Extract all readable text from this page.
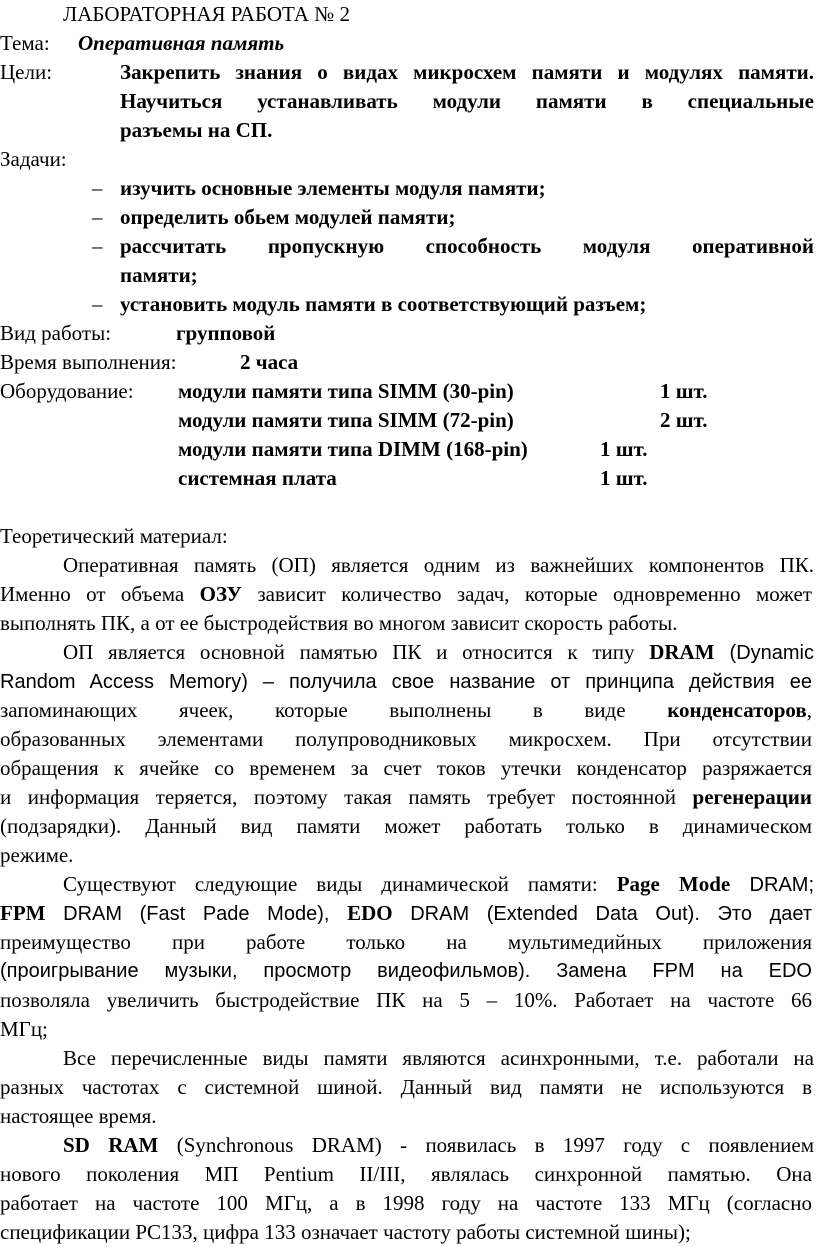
ЛАБОРАТОРНАЯ РАБОТА № 2
Тема:	Оперативная память
Цели:	Закрепить знания о видах микросхем памяти и модулях памяти.
Научиться устанавливать модули памяти в специальные
разъемы на СП.
Задачи:
– изучить основные элементы модуля памяти;
– определить обьем модулей памяти;
– рассчитать пропускную способность модуля оперативной
памяти;
– установить модуль памяти в соответствующий разъем;
Вид работы:	групповой
Время выполнения:	2 часа
Оборудование:	модули памяти типа SIMM (30-pin)	1 шт.
модули памяти типа SIMM (72-pin)	2 шт.
модули памяти типа DIMM (168-pin)	1 шт.
системная плата	1 шт.
Теоретический материал:
Оперативная память (ОП) является одним из важнейших компонентов ПК.
Именно от объема ОЗУ зависит количество задач, которые одновременно может
выполнять ПК, а от ее быстродействия во многом зависит скорость работы.
ОП является основной памятью ПК и относится к типу DRAM (Dynamic
Random Access Memory) – получила свое название от принципа действия ее
запоминающих ячеек, которые выполнены в виде конденсаторов,
образованных элементами полупроводниковых микросхем. При отсутствии
обращения к ячейке со временем за счет токов утечки конденсатор разряжается
и информация теряется, поэтому такая память требует постоянной регенерации
(подзарядки). Данный вид памяти может работать только в динамическом
режиме.
Существуют следующие виды динамической памяти: Page Mode DRAM;
FPM DRAM (Fast Pade Mode), EDO DRAM (Extended Data Out). Это дает
преимущество при работе только на мультимедийных приложения
(проигрывание музыки, просмотр видеофильмов). Замена FPM на EDO
позволяла увеличить быстродействие ПК на 5 – 10%. Работает на частоте 66
МГц;
Все перечисленные виды памяти являются асинхронными, т.е. работали на
разных частотах с системной шиной. Данный вид памяти не используются в
настоящее время.
SD RAM (Synchronous DRAM) - появилась в 1997 году с появлением
нового поколения МП Pentium II/III, являлась синхронной памятью. Она
работает на частоте 100 МГц, а в 1998 году на частоте 133 МГц (согласно
спецификации PC133, цифра 133 означает частоту работы системной шины);
